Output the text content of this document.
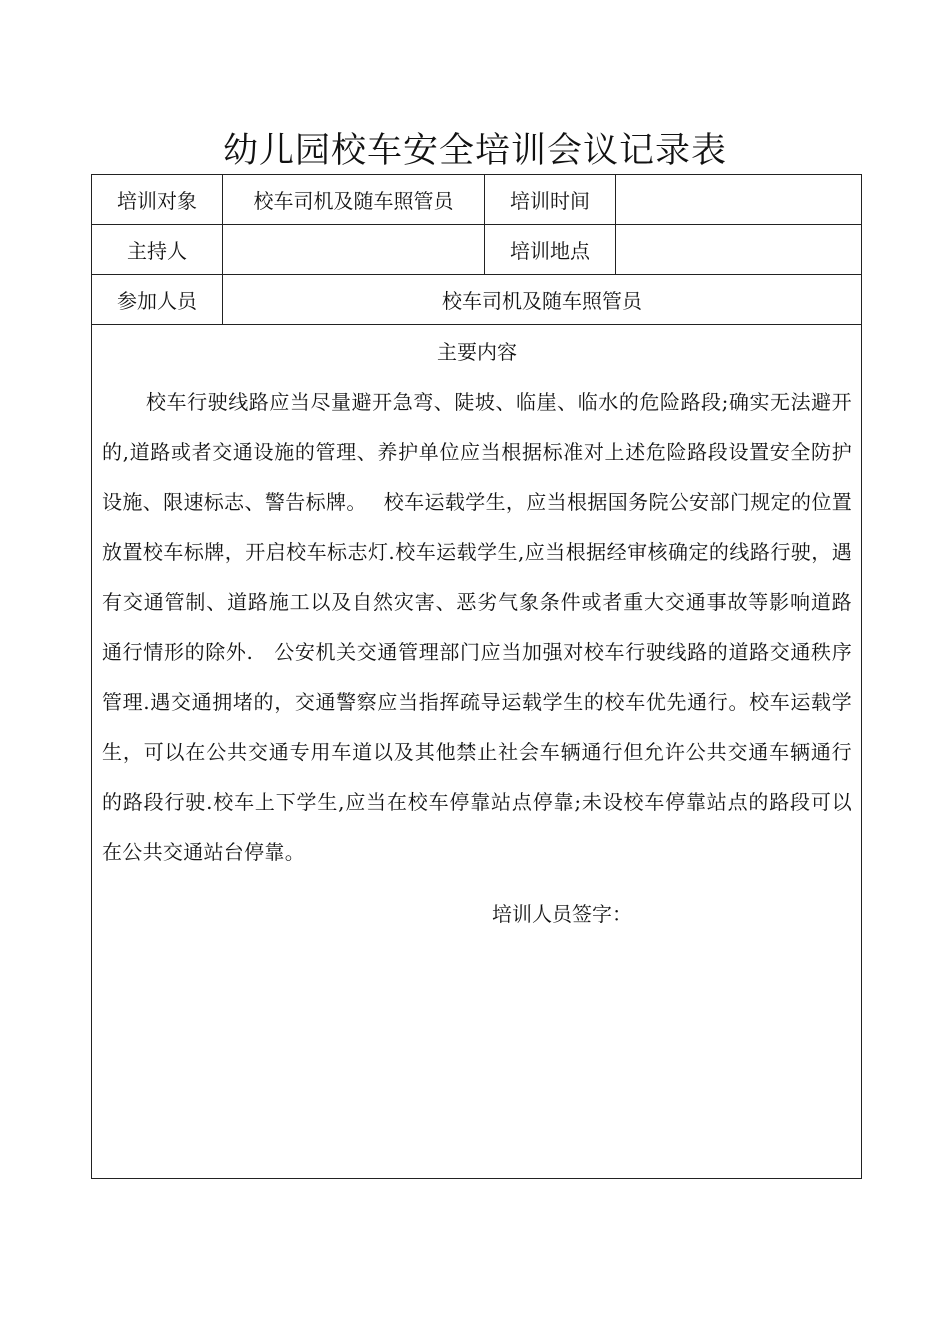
幼儿园校车安全培训会议记录表
培训对象	校车司机及随车照管员	培训时间	
主持人		培训地点	
参加人员	校车司机及随车照管员		

主要内容

校车行驶线路应当尽量避开急弯、陡坡、临崖、临水的危险路段;确实无法避开的,道路或者交通设施的管理、养护单位应当根据标准对上述危险路段设置安全防护设施、限速标志、警告标牌。　 校车运载学生，应当根据国务院公安部门规定的位置放置校车标牌，开启校车标志灯.校车运载学生,应当根据经审核确定的线路行驶，遇有交通管制、道路施工以及自然灾害、恶劣气象条件或者重大交通事故等影响道路通行情形的除外.　公安机关交通管理部门应当加强对校车行驶线路的道路交通秩序管理.遇交通拥堵的，交通警察应当指挥疏导运载学生的校车优先通行。校车运载学生，可以在公共交通专用车道以及其他禁止社会车辆通行但允许公共交通车辆通行的路段行驶.校车上下学生,应当在校车停靠站点停靠;未设校车停靠站点的路段可以在公共交通站台停靠。

培训人员签字：			
